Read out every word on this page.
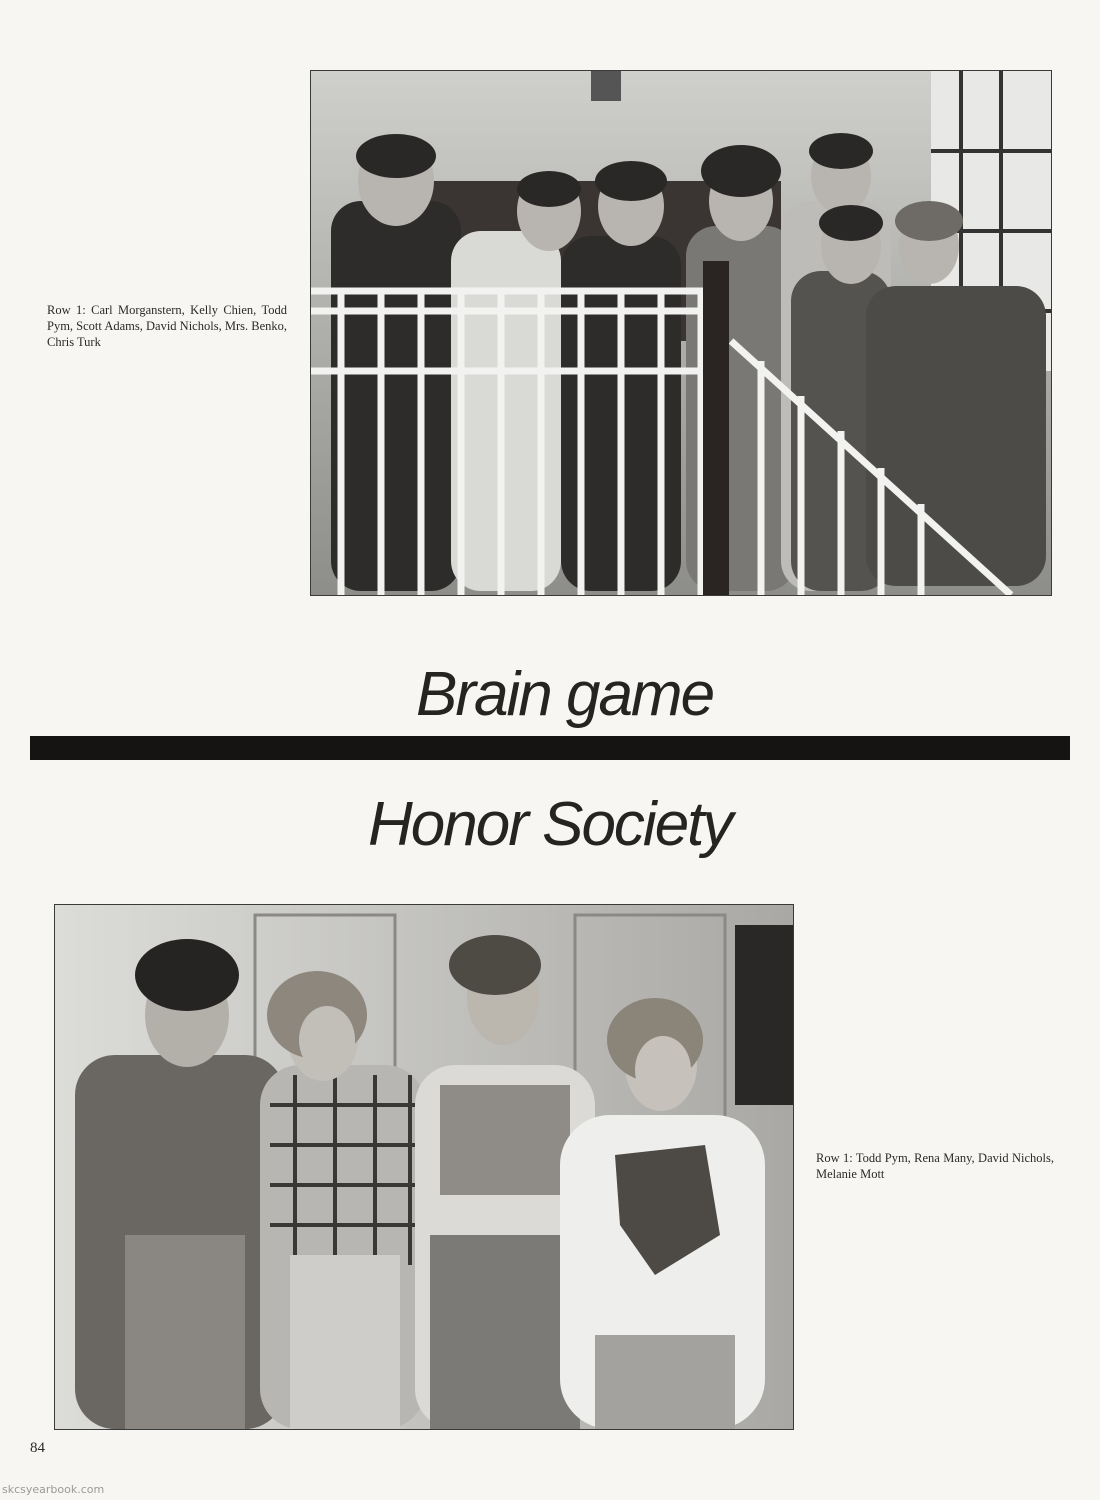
Row 1: Carl Morganstern, Kelly Chien, Todd Pym, Scott Adams, David Nichols, Mrs. Benko, Chris Turk
Brain game
Honor Society
Row 1: Todd Pym, Rena Many, David Nichols, Melanie Mott
84
skcsyearbook.com
